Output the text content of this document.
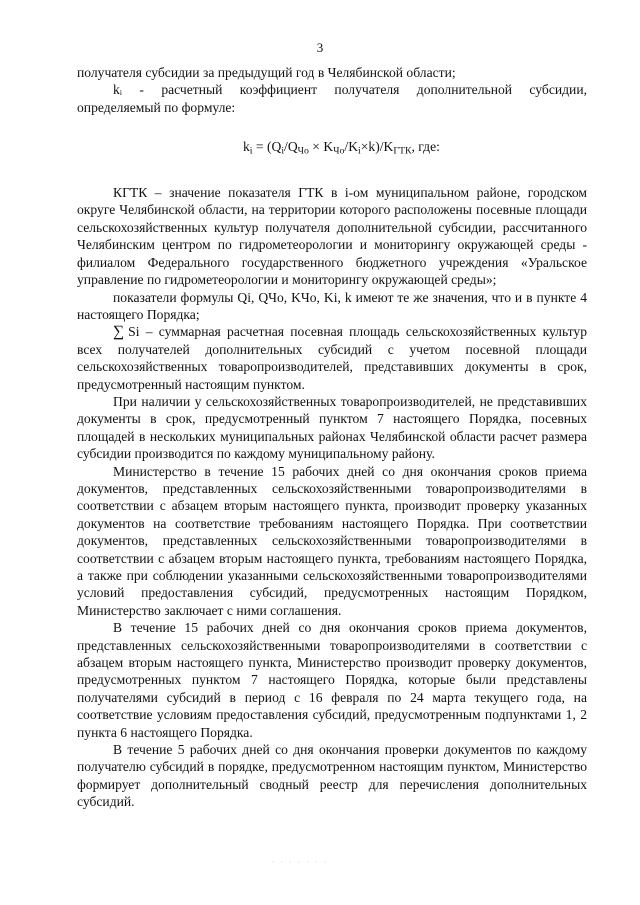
3

получателя субсидии за предыдущий год в Челябинской области;

kᵢ - расчетный коэффициент получателя дополнительной субсидии, определяемый по формуле:

$k_i = (Q_i/Q_{Чо} \times K_{Чо}/K_i\times k)/K_{ГТК}$, где:

КГТК – значение показателя ГТК в i-ом муниципальном районе, городском округе Челябинской области, на территории которого расположены посевные площади сельскохозяйственных культур получателя дополнительной субсидии, рассчитанного Челябинским центром по гидрометеорологии и мониторингу окружающей среды - филиалом Федерального государственного бюджетного учреждения «Уральское управление по гидрометеорологии и мониторингу окружающей среды»;

показатели формулы Qi, QЧо, KЧо, Ki, k имеют те же значения, что и в пункте 4 настоящего Порядка;

∑ Si – суммарная расчетная посевная площадь сельскохозяйственных культур всех получателей дополнительных субсидий с учетом посевной площади сельскохозяйственных товаропроизводителей, представивших документы в срок, предусмотренный настоящим пунктом.

При наличии у сельскохозяйственных товаропроизводителей, не представивших документы в срок, предусмотренный пунктом 7 настоящего Порядка, посевных площадей в нескольких муниципальных районах Челябинской области расчет размера субсидии производится по каждому муниципальному району.

Министерство в течение 15 рабочих дней со дня окончания сроков приема документов, представленных сельскохозяйственными товаропроизводителями в соответствии с абзацем вторым настоящего пункта, производит проверку указанных документов на соответствие требованиям настоящего Порядка. При соответствии документов, представленных сельскохозяйственными товаропроизводителями в соответствии с абзацем вторым настоящего пункта, требованиям настоящего Порядка, а также при соблюдении указанными сельскохозяйственными товаропроизводителями условий предоставления субсидий, предусмотренных настоящим Порядком, Министерство заключает с ними соглашения.

В течение 15 рабочих дней со дня окончания сроков приема документов, представленных сельскохозяйственными товаропроизводителями в соответствии с абзацем вторым настоящего пункта, Министерство производит проверку документов, предусмотренных пунктом 7 настоящего Порядка, которые были представлены получателями субсидий в период с 16 февраля по 24 марта текущего года, на соответствие условиям предоставления субсидий, предусмотренным подпунктами 1, 2 пункта 6 настоящего Порядка.

В течение 5 рабочих дней со дня окончания проверки документов по каждому получателю субсидий в порядке, предусмотренном настоящим пунктом, Министерство формирует дополнительный сводный реестр для перечисления дополнительных субсидий.

· · · · · · ·
